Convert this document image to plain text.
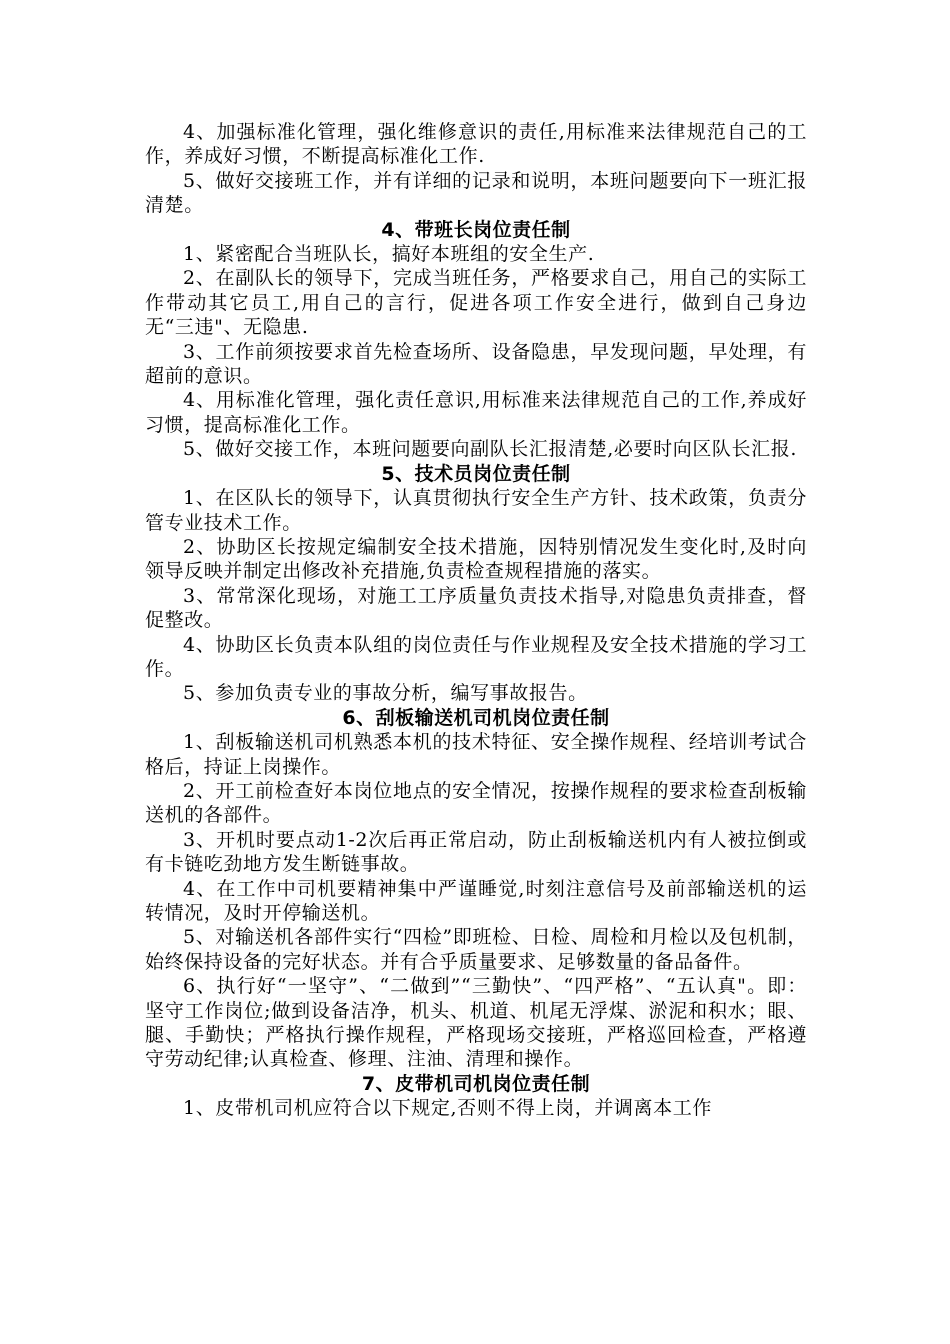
4、加强标准化管理，强化维修意识的责任,用标准来法律规范自己的工作，养成好习惯，不断提高标准化工作.

5、做好交接班工作，并有详细的记录和说明，本班问题要向下一班汇报清楚。

4、带班长岗位责任制

1、紧密配合当班队长，搞好本班组的安全生产.

2、在副队长的领导下，完成当班任务，严格要求自己，用自己的实际工作带动其它员工,用自己的言行，促进各项工作安全进行，做到自己身边无“三违"、无隐患.

3、工作前须按要求首先检查场所、设备隐患，早发现问题，早处理，有超前的意识。

4、用标准化管理，强化责任意识,用标准来法律规范自己的工作,养成好习惯，提高标准化工作。

5、做好交接工作，本班问题要向副队长汇报清楚,必要时向区队长汇报.

5、技术员岗位责任制

1、在区队长的领导下，认真贯彻执行安全生产方针、技术政策，负责分管专业技术工作。

2、协助区长按规定编制安全技术措施，因特别情况发生变化时,及时向领导反映并制定出修改补充措施,负责检查规程措施的落实。

3、常常深化现场，对施工工序质量负责技术指导,对隐患负责排查，督促整改。

4、协助区长负责本队组的岗位责任与作业规程及安全技术措施的学习工作。

5、参加负责专业的事故分析，编写事故报告。

6、刮板输送机司机岗位责任制

1、刮板输送机司机熟悉本机的技术特征、安全操作规程、经培训考试合格后，持证上岗操作。

2、开工前检查好本岗位地点的安全情况，按操作规程的要求检查刮板输送机的各部件。

3、开机时要点动1-2次后再正常启动，防止刮板输送机内有人被拉倒或有卡链吃劲地方发生断链事故。

4、在工作中司机要精神集中严谨睡觉,时刻注意信号及前部输送机的运转情况，及时开停输送机。

5、对输送机各部件实行“四检”即班检、日检、周检和月检以及包机制，始终保持设备的完好状态。并有合乎质量要求、足够数量的备品备件。

6、执行好“一坚守”、“二做到”“三勤快”、“四严格”、“五认真"。即：坚守工作岗位;做到设备洁净，机头、机道、机尾无浮煤、淤泥和积水；眼、腿、手勤快；严格执行操作规程，严格现场交接班，严格巡回检查，严格遵守劳动纪律;认真检查、修理、注油、清理和操作。

7、皮带机司机岗位责任制

1、皮带机司机应符合以下规定,否则不得上岗，并调离本工作
